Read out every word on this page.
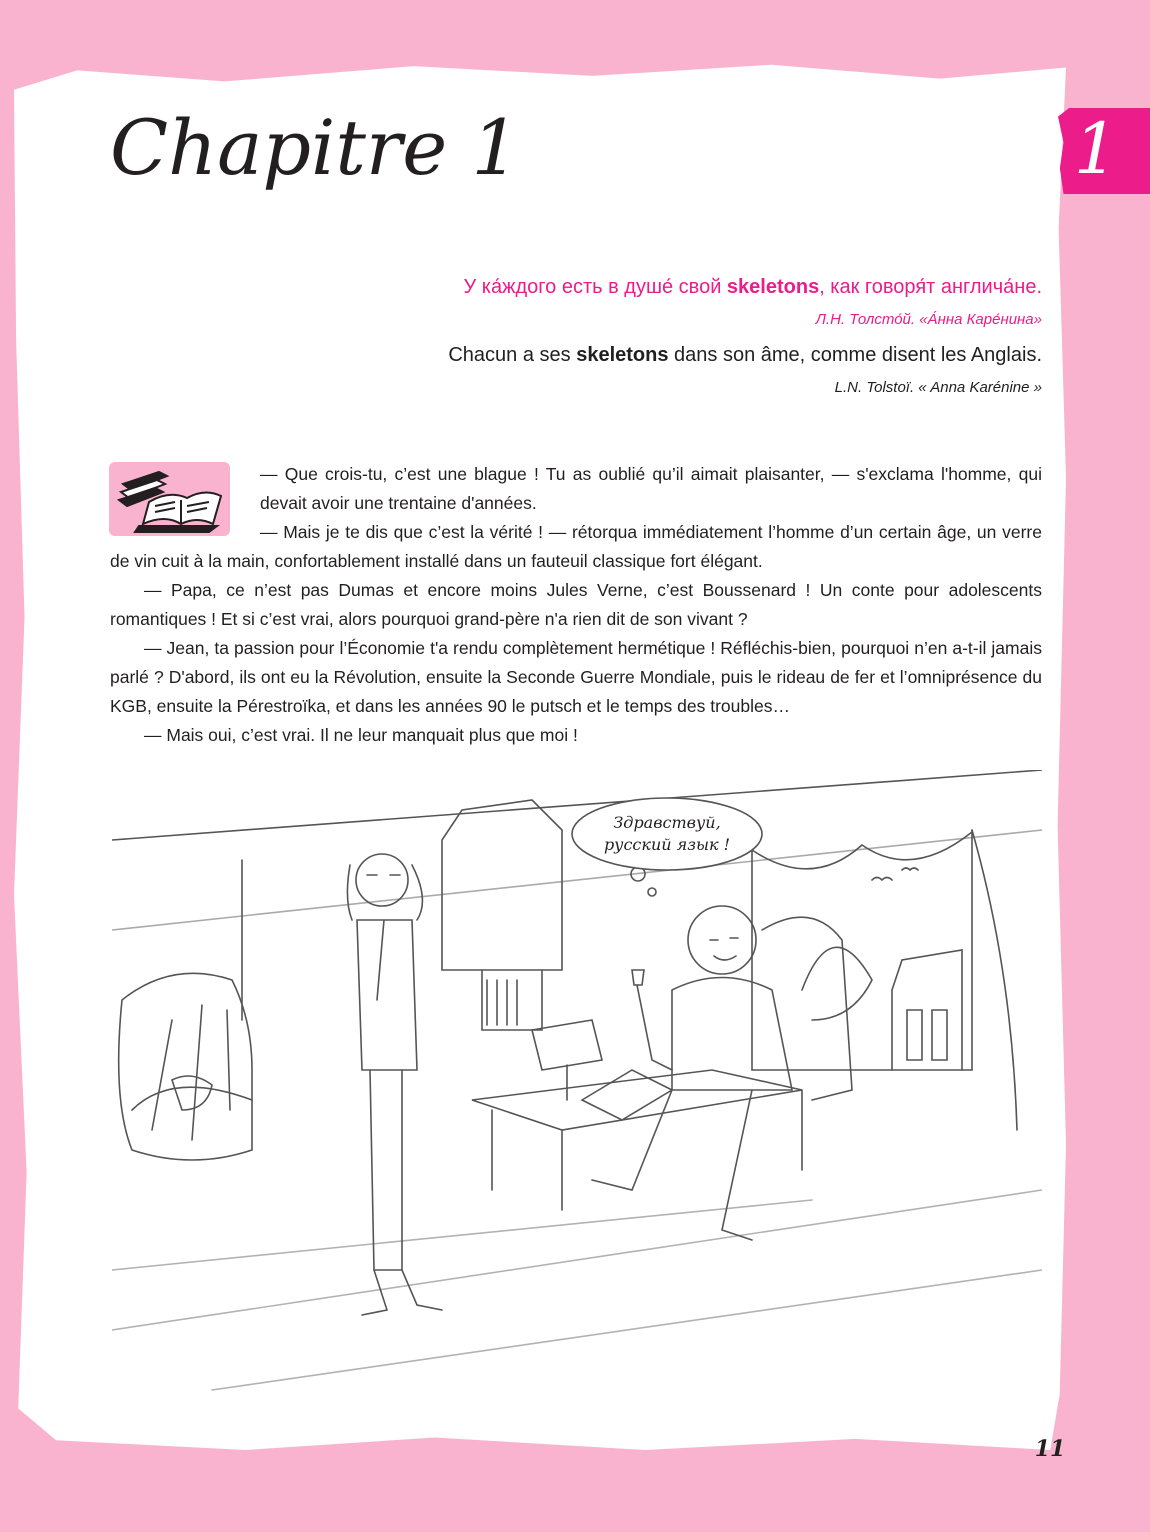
1
Chapitre 1
У ка́ждого есть в душе́ свой skeletons, как говоря́т англича́не.
Л.Н. Толсто́й. «А́нна Каре́нина»
Chacun a ses skeletons dans son âme, comme disent les Anglais.
L.N. Tolstoï. « Anna Karénine »

— Que crois-tu, c’est une blague ! Tu as oublié qu’il aimait plaisanter, — s'exclama l'homme, qui devait avoir une trentaine d'années.

— Mais je te dis que c’est la vérité ! — rétorqua immédiatement l’homme d’un certain âge, un verre de vin cuit à la main, confortablement installé dans un fauteuil classique fort élégant.

— Papa, ce n’est pas Dumas et encore moins Jules Verne, c’est Boussenard ! Un conte pour adolescents romantiques ! Et si c’est vrai, alors pourquoi grand-père n'a rien dit de son vivant ?

— Jean, ta passion pour l’Économie t'a rendu complètement hermétique ! Réfléchis-bien, pourquoi n’en a-t-il jamais parlé ? D'abord, ils ont eu la Révolution, ensuite la Seconde Guerre Mondiale, puis le rideau de fer et l’omniprésence du KGB, ensuite la Pérestroïka, et dans les années 90 le putsch et le temps des troubles…

— Mais oui, c’est vrai. Il ne leur manquait plus que moi !

Здравствуй,
русский язык !
11
